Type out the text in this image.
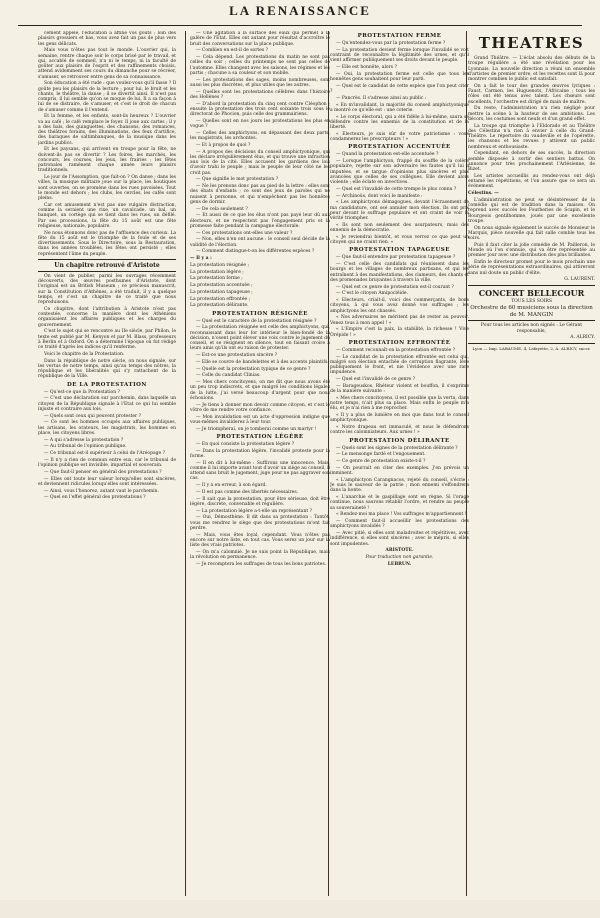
LA RENAISSANCE

cement appelé, l'éducation a affiné vos goûts ; loin des plaisirs grossiers et bas, vous avez fait un pas de plus vers les gens délicats.

Mais vous n'êtes pas tout le monde. L'ouvrier qui, la semaine, rentre chaque soir le corps brisé par le travail, et qui, accablé de sommeil, n'a ni le temps, ni la faculté de goûter aux plaisirs de l'esprit et des raffinements choisis, attend avidemment ses cours du dimanche pour se récréer, s'amuser, se retrouver entre gens de sa connaissance.

Son éducation a été rude : que voulez-vous qu'il fasse ? Il goûte peu les plaisirs de la lecture ; pour lui, le bruit et les chants, le théâtre, la danse ; il se divertit ainsi. Il n'est pas compris, il lui semble qu'on se moque de lui. Il a sa façon à lui de se distraire, de s'amuser, et c'est le droit de chacun de s'amuser comme il l'entend.

Et la femme, et les enfants, sont-ils heureux ? L'ouvrier va au café ; le café remplace le foyer. Il joue aux cartes ; il y a des bals, des guinguettes, des chansons, des romances, des théâtres forains, des illuminations, des feux d'artifice, des baraques de saltimbanques, de la musique dans les jardins publics.

Et les paysans, qui arrivent en troupe pour la fête, ne doivent-ils pas se divertir ? Les foires, les marchés, les concours, les courses, les jeux, les frairies ; les fêtes patronales ramènent chaque année leurs plaisirs traditionnels.

Le jour de l'Assomption, que fait-on ? On danse ; dans les villes, la musique militaire joue sur la place, les boutiques sont ouvertes, on se promène dans les rues pavoisées. Tout le monde est dehors ; les clubs, les cercles, les cafés sont pleins.

Car cet amusement n'est pas une vulgaire distraction, comme la seraient une rixe, un cavalcade, un bal, un banquet, un cortège qui se tient dans les rues, un défilé. Par ses processions, la fête du 15 août est une fête religieuse, nationale, populaire.

Ne nous étonnons donc pas de l'affluence des curieux. La fête du 15 août est le triomphe de la foule et de ses divertissements. Sous le Directoire, sous la Restauration, dans les années troublées, les fêtes ont persisté ; elles représentent l'âme du peuple.

Un chapitre retrouvé d'Aristote

On vient de publier, parmi les ouvrages récemment découverts, des œuvres posthumes d'Aristote, dont l'original est au British Museum ; ce précieux manuscrit, sur la Constitution d'Athènes, a été traduit, il y a quelque temps, et c'est un chapitre de ce traité que nous reproduisons.

Ce chapitre, dont l'attribution à Aristote n'est pas contestée, concerne la manière dont les Athéniens organisaient les affaires publiques et les charges du gouvernement.

C'est le sujet qui se rencontre au IIe siècle, par Philon, le texte est publié par M. Kenyon et par M. Blass, professeurs à Berlin et à Oxford. On a déterminé l'époque où fut rédigé ce traité d'après les indices qu'il renferme.

Voici le chapitre de la Protestation.

Dans la république de notre siècle, on nous signale, sur les vertus de notre temps, ainsi qu'au temps des nôtres, la république et les libéralités qui s'y rattachent de la république de la Ville.

DE LA PROTESTATION

— Qu'est-ce que la Protestation ?

— C'est une déclaration sur parchemin, dans laquelle un citoyen de la République signale à l'Etat ce qui lui semble injuste et contraire aux lois.

— Quels sont ceux qui peuvent protester ?

— Ce sont les hommes occupés aux affaires publiques, les artisans, les orateurs, les magistrats, les hommes en place, les citoyens libres.

— A qui s'adresse la protestation ?

— Au tribunal de l'opinion publique.

— Ce tribunal est-il supérieur à celui de l'Aréopage ?

— Il n'y a rien de commun entre eux, car le tribunal de l'opinion publique est invisible, impartial et souverain.

— Que faut-il penser en général des protestations ?

— Elles ont toute leur valeur lorsqu'elles sont sincères, et deviennent ridicules lorsqu'elles sont intéressées.

— Ainsi, vous l'honorez, autant vaut le parchemin.

— Quel en l'effet général des protestations ?

— Une agitation à la surface des eaux qui permet à la galère de l'Etat. Elles ont autant pour résultat d'accroître le bruit des conversations sur la place publique.

— Combien en est-il de sortes ?

— Cela dépend. Les protestations du matin ne sont pas celles du soir ; celles du printemps ne sont pas celles de l'automne. Elles changent avec les saisons, les régimes et les partis ; chacune a sa couleur et son mobile.

— Les protestations des sages, moins nombreuses, sont aussi les plus discrètes, et plus utiles que les autres.

— Quelles sont les protestations célèbres dans l'histoire des Hellènes ?

— D'abord la protestation du cinq cent contre Cléophon ; ensuite la protestation des trois cent soixante trois sous le directorat de Phocion, puis celle des grammairiens.

— Quelles sont en nos jours les protestations les plus en vogue ?

— Celles des amphictyons, en dépassant des deux parts, les magistrats, les archontes.

— Et à propos de quoi ?

— A propos des décisions du conseil amphictyonique, qui les déclare irrégulièrement élus, et qui trouve une infraction aux lois de la cité. Elles accusent les gardiens des lois d'avoir trahi le peuple ; mais le peuple de leur côté ne les croit pas.

— Que signifie le mot protestation ?

— Ne les prenons donc pas au pied de la lettre : elles sont des ébats d'enfants ; ce sont des jeux de paroles qui ne nuisent à personne, et qui n'empêchent pas les honnêtes gens de dormir.

— De cela seulement ?

— Et aussi de ce que les élus n'ont pas payé leur dû aux électeurs, et ne respectent pas l'engagement pris et la promesse faite pendant la campagne électorale.

— Ces protestations ont-elles une valeur ?

— Non, elles n'en ont aucune : le conseil seul décide de la validité de l'élection.

— Comment distingue-t-on les différentes espèces ?

— Il y a :

La protestation résignée ;

La protestation légère ;

La protestation ferme ;

La protestation accentuée ;

La protestation tapageuse ;

La protestation effrontée ;

La protestation délirante.

PROTESTATION RÉSIGNÉE

— Quel est le caractère de la protestation résignée ?

— La protestation résignée est celle des amphictyons, qui, reconnaissant dans leur for intérieur le bien-fondé de la décision, n'osent point élever une voix contre le jugement du conseil, et se résignent en silence, tout en faisant croire à leurs amis qu'ils ont eu raison de protester.

— Est-ce une protestation sincère ?

— Elle se couvre de bandelettes et à des accents plaintifs.

— Quelle est la protestation typique de ce genre ?

— Celle du candidat Clinias.

— Mes chers concitoyens, on me dit que nous avons été un peu trop indiscrets, et que malgré les conditions légales de la lutte, j'ai versé beaucoup d'argent pour que nous échouions.

— Je tiens à donner mon devoir comme citoyen, et c'est le vôtre de me rendre votre confiance.

— Mon invalidation est un acte d'oppression indigne que vous-mêmes invaliderez à leur tour.

— Je triompherai, on je tomberai comme un martyr !

PROTESTATION LÉGÈRE

— En quoi consiste la protestation légère ?

— Dans la protestation légère, l'invalidé proteste pour la forme.

— Il en dit à lui-même : Suffirons une innocence. Mais, comme il lui importe avant tout d'avoir un siège au conseil, il attend sans bruit le jugement, juge pour ne pas aggraver son cas.

— Il y a en erreur, à son égard.

— Il est pas comme des libertés nécessaires.

— Il sait que la protestation, pour être sérieuse, doit être légère, discrète, convenable et régulière.

— La protestation légère a-t-elle un représentant ?

— Oui, Démosthène. Il dit dans sa protestation : Tantôt, vous me rendrez le siège que des protestations m'ont fait perdre.

— Mais, vous êtes loyal, cependant. Vous n'êtes pas encore sur notre liste, en tout cas. Vous serez un jour sur la liste des vrais patriotes.

— On m'a calomnié. Je ne suis point la République, mais la révolution en permanence.

— Je recomptera les suffrages de tous les bons patriotes.

PROTESTATION FERME

— Qu'entendez-vous par la protestation ferme ?

— La protestation devient ferme lorsque l'invalidé se voit contraint de reconnaître la légitimité des urnes, et qu'il vient affirmer publiquement ses droits devant le peuple.

— Elle est honnête, alors ?

— Oui, la protestation ferme est celle que tous les honnêtes gens souhaitent pour leur parti.

— Quel est le candidat de cette espèce que l'on peut citer ?

— Pancrès. Il s'adresse ainsi au public :

« En m'invalidant, la majorité du conseil amphictyonique a montré ce qu'elle est : une coterie.

« Le corps électoral, qui a été fidèle à lui-même, saura se défendre contre les ennemis de la constitution et de la liberté.

« Electeurs, je suis sûr de votre patriotisme : vous condamnerez les prescripteurs ! »

PROTESTATION ACCENTUÉE

— Quand la protestation est-elle accentuée ?

— Lorsque l'amphictyon, frappé du souffle de la colère populaire, rejette sur son adversaire les fautes qu'il lui a imputées, et se targue d'opinions plus sincères et plus avancées que celles de ses collègues. Elle devient alors violente ; elle éclate en invectives.

— Quel est l'invalidé de cette trempe le plus connu ?

— Archinoüs, dont voici le manifeste :

« Les amphictyons démagogues, devant l'écrasement de ma candidature, ont osé annuler mon élection. Ils ont pris peur devant le suffrage populaire et ont craint de voir la vérité triompher.

« Ils sont non seulement des usurpateurs, mais des ennemis de la démocratie.

« Je reviendrai bientôt, et vous verrez ce que peut un citoyen qui ne craint rien. »

PROTESTATION TAPAGEUSE

— Que faut-il entendre par protestation tapageuse ?

— C'est celle des candidats qui réunissent dans les bourgs et les villages de nombreux partisans, et qui les entraînent à des manifestations, des clameurs, des chants et des promenades bruyantes à travers la ville.

— Quel est ce genre de protestation est-il courant ?

— C'est le citoyen Amipocléide.

« Electeurs, criait-il, voici des commerçants, de bons citoyens, à qui vous avez donné vos suffrages ; les amphictyons les ont chassés.

« Nos adversaires ne méritent pas de rester au pouvoir. Venez tous à mon appel ! »

« L'Empire c'est la paix, la stabilité, la richesse ! Vive Orépide ! »

PROTESTATION EFFRONTÉE

— Comment reconnaît-on la protestation effrontée ?

— Le candidat de la protestation effrontée est celui qui, malgré son élection entachée de corruption flagrante, lève publiquement le front, et nie l'évidence avec une rare impudence.

— Quel est l'invalidé de ce genre ?

— Barageuskos. Rhéteur violent et bouffon, il s'exprime de la manière suivante :

« Mes chers concitoyens, il est possible que la vertu, dans notre temps, n'ait plus sa place. Mais enfin le peuple m'a élu, et je n'ai rien à me reprocher.

« Il y a plus de lumière en moi que dans tout le conseil amphictyonique.

« Notre drapeau est immaculé, et nous le défendrons contre les calomniateurs. Aux urnes ! »

PROTESTATION DÉLIRANTE

— Quels sont les signes de la protestation délirante ?

— Le mensonge fardé et l'engouement.

— Ce genre de protestation existe-t-il ?

— On pourrait en citer des exemples. J'en prévois un imminent.

« L'amphictyon Carangnacos, rejeté du conseil, s'écrie : Je suis le sauveur de la patrie ; mon ennemi s'effondrera dans la honte.

« L'anarchie et le gaspillage sont en règne. Si l'orage continue, nous saurons rétablir l'ordre, et rendre au peuple sa souveraineté !

« Rendez-moi ma place ! Vos suffrages m'appartiennent !

— Comment faut-il accueillir les protestations des amphictyons invalidés ?

— Avec pitié, si elles sont maladroites et répétitives, avec indifférence, si elles sont sincères ; avec le mépris, si elles sont impudentes.

ARISTOTE.

Pour traduction non garantie.

LEBRUN.

THEATRES

Grand Théâtre. — L'éclat absolu des débuts de la troupe régulière a été une révélation pour les Lyonnais. La nouvelle direction a réuni un ensemble d'artistes de premier ordre, et les recettes sont là pour montrer combien le public est satisfait.

On a fait le tour des grandes œuvres lyriques : Faust, Carmen, les Huguenots, l'Africaine ; tous les rôles ont été tenus avec talent. Les chœurs sont excellents, l'orchestre est dirigé de main de maître.

Du reste, l'administration n'a rien négligé pour mettre la scène à la hauteur de ses ambitions. Les décors, les costumes sont neufs et d'un grand effet.

La troupe qui triomphe à l'Eldorado et au Théâtre des Célestins n'a rien à envier à celle du Grand-Théâtre. Le répertoire du vaudeville et de l'opérette, les chansons et les revues y attirent un public nombreux et enthousiaste.

Cependant, en dehors de ses succès, la direction semble disposée à sortir des sentiers battus. On annonce pour très prochainement l'Arlésienne, de Bizet.

Les artistes accueillis au rendez-vous ont déjà entamé les répétitions, et l'on assure que ce sera un événement.

Célestins. —

L'administration ne peut se désintéresser de la comédie qui est de tradition dans la maison. On reprend avec succès les Fourberies de Scapin, et le Bourgeois gentilhomme, joués par une excellente troupe.

On nous signale également le succès de Monsieur le Marquis, pièce nouvelle qui fait salle comble tous les soirs.

Puis il faut citer la jolie comédie de M. Pailleron, le Monde où l'on s'ennuie, qui va être représentée au premier jour avec une distribution des plus brillantes.

Enfin le directeur promet pour le mois prochain une série de représentations extraordinaires, qui attireront sans nul doute un public d'élite.

G. LAURENT.

CONCERT BELLECOUR

TOUS LES SOIRS

Orchestre de 60 musiciens sous la direction de M. MANGIN

Pour tous les articles non signés : Le Gérant responsable,

A. ALRICY.

Lyon — Imp. LABAUME, 4, Lafayette, 2, A. ALRICY, succr.
